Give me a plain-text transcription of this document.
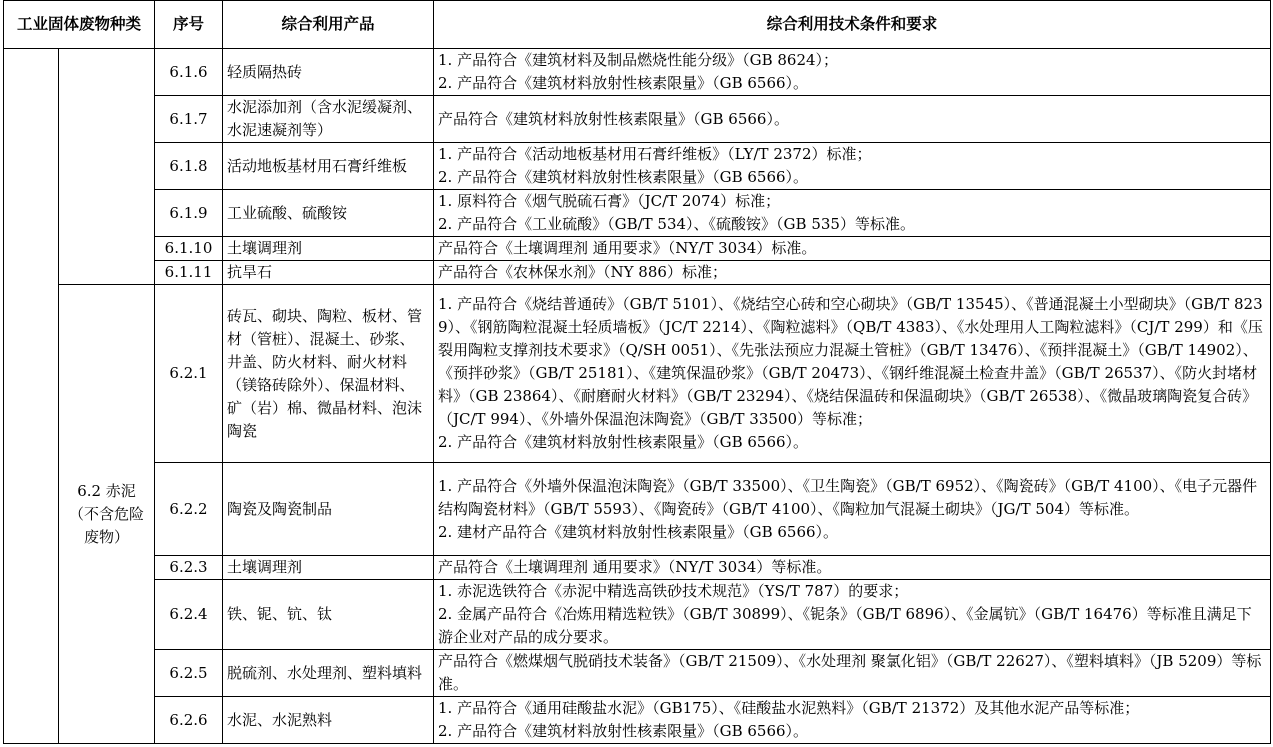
工业固体废物种类		序号	综合利用产品	综合利用技术条件和要求
		6.1.6	轻质隔热砖	1. 产品符合《建筑材料及制品燃烧性能分级》（GB 8624）；
2. 产品符合《建筑材料放射性核素限量》（GB 6566）。

		6.1.7	水泥添加剂（含水泥缓凝剂、水泥速凝剂等）	产品符合《建筑材料放射性核素限量》（GB 6566）。

		6.1.8	活动地板基材用石膏纤维板	1. 产品符合《活动地板基材用石膏纤维板》（LY/T 2372）标准；
2. 产品符合《建筑材料放射性核素限量》（GB 6566）。

		6.1.9	工业硫酸、硫酸铵	1. 原料符合《烟气脱硫石膏》（JC/T 2074）标准；
2. 产品符合《工业硫酸》（GB/T 534）、《硫酸铵》（GB 535）等标准。

		6.1.10	土壤调理剂	产品符合《土壤调理剂 通用要求》（NY/T 3034）标准。

		6.1.11	抗旱石	产品符合《农林保水剂》（NY 886）标准；

	6.2 赤泥（不含危险废物）	6.2.1	砖瓦、砌块、陶粒、板材、管材（管桩）、混凝土、砂浆、井盖、防火材料、耐火材料（镁铬砖除外）、保温材料、矿（岩）棉、微晶材料、泡沫陶瓷	1. 产品符合《烧结普通砖》（GB/T 5101）、《烧结空心砖和空心砌块》（GB/T 13545）、《普通混凝土小型砌块》（GB/T 8239）、《钢筋陶粒混凝土轻质墙板》（JC/T 2214）、《陶粒滤料》（QB/T 4383）、《水处理用人工陶粒滤料》（CJ/T 299）和《压裂用陶粒支撑剂技术要求》（Q/SH 0051）、《先张法预应力混凝土管桩》（GB/T 13476）、《预拌混凝土》（GB/T 14902）、《预拌砂浆》（GB/T 25181）、《建筑保温砂浆》（GB/T 20473）、《钢纤维混凝土检查井盖》（GB/T 26537）、《防火封堵材料》（GB 23864）、《耐磨耐火材料》（GB/T 23294）、《烧结保温砖和保温砌块》（GB/T 26538）、《微晶玻璃陶瓷复合砖》（JC/T 994）、《外墙外保温泡沫陶瓷》（GB/T 33500）等标准；
2. 产品符合《建筑材料放射性核素限量》（GB 6566）。

		6.2.2	陶瓷及陶瓷制品	1. 产品符合《外墙外保温泡沫陶瓷》（GB/T 33500）、《卫生陶瓷》（GB/T 6952）、《陶瓷砖》（GB/T 4100）、《电子元器件结构陶瓷材料》（GB/T 5593）、《陶瓷砖》（GB/T 4100）、《陶粒加气混凝土砌块》（JG/T 504）等标准。
2. 建材产品符合《建筑材料放射性核素限量》（GB 6566）。

		6.2.3	土壤调理剂	产品符合《土壤调理剂 通用要求》（NY/T 3034）等标准。

		6.2.4	铁、铌、钪、钛	1. 赤泥选铁符合《赤泥中精选高铁砂技术规范》（YS/T 787）的要求；
2. 金属产品符合《冶炼用精选粒铁》（GB/T 30899）、《铌条》（GB/T 6896）、《金属钪》（GB/T 16476）等标准且满足下游企业对产品的成分要求。

		6.2.5	脱硫剂、水处理剂、塑料填料	产品符合《燃煤烟气脱硝技术装备》（GB/T 21509）、《水处理剂 聚氯化铝》（GB/T 22627）、《塑料填料》（JB 5209）等标准。

		6.2.6	水泥、水泥熟料	1. 产品符合《通用硅酸盐水泥》（GB175）、《硅酸盐水泥熟料》（GB/T 21372）及其他水泥产品等标准；
2. 产品符合《建筑材料放射性核素限量》（GB 6566）。
